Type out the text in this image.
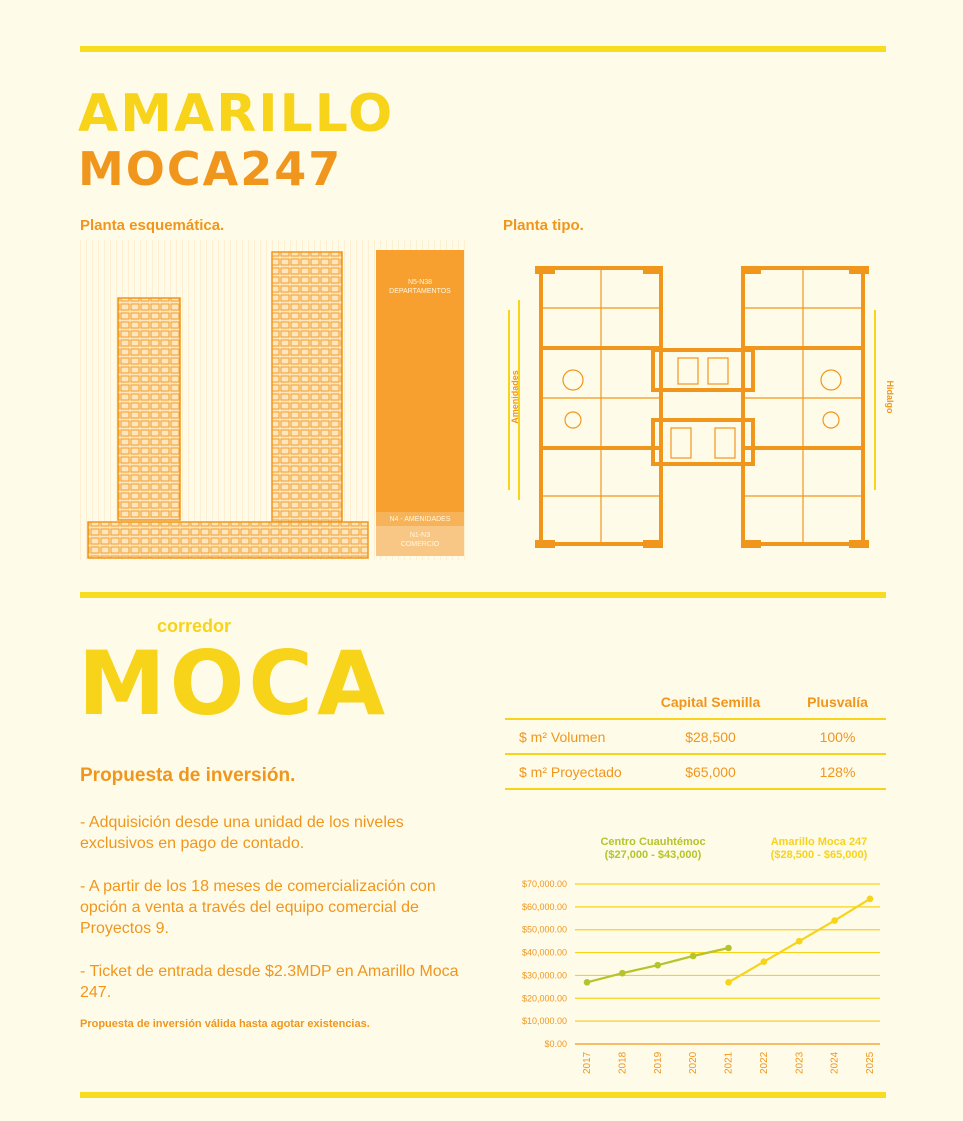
AMARILLO
MOCA247
Planta esquemática.	Planta tipo.
N5-N38
DEPARTAMENTOS
N4 - AMENIDADES
N1-N3
COMERCIO
Amenidades	Hidalgo
corredor
MOCA
Propuesta de inversión.
- Adquisición desde una unidad de los niveles exclusivos en pago de contado.
- A partir de los 18 meses de comercialización con opción a venta a través del equipo comercial de Proyectos 9.
- Ticket de entrada desde $2.3MDP en Amarillo Moca 247.
Propuesta de inversión válida hasta agotar existencias.
	Capital Semilla	Plusvalía
$ m² Volumen	$28,500	100%
$ m² Proyectado	$65,000	128%
Centro Cuauhtémoc
($27,000 - $43,000)
Amarillo Moca 247
($28,500 - $65,000)
$0.00
$10,000.00
$20,000.00
$30,000.00
$40,000.00
$50,000.00
$60,000.00
$70,000.00
2017 2018 2019 2020 2021 2022 2023 2024 2025
